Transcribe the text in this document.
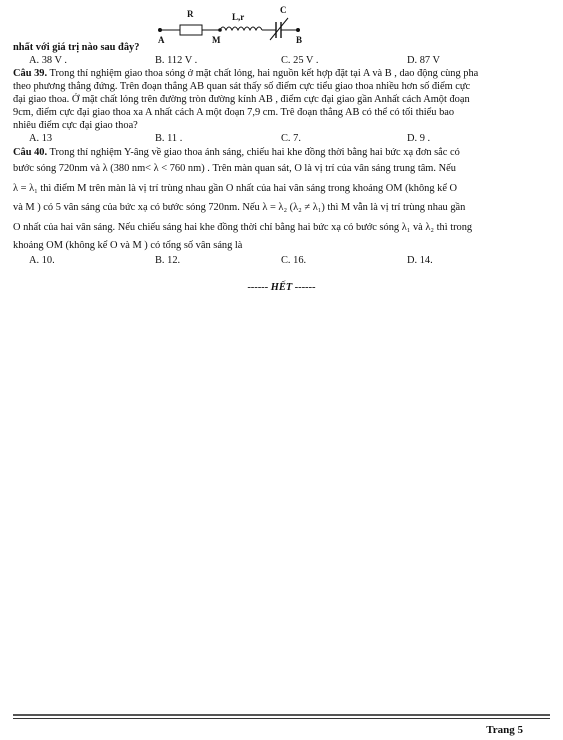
R	L,r
C
A	M	B
nhất với giá trị nào sau đây?
A. 38 V .	B. 112 V .	C. 25 V .	D. 87 V
Câu 39. Trong thí nghiệm giao thoa sóng ở mặt chất lỏng, hai nguồn kết hợp đặt tại A và B , dao động cùng pha
theo phương thẳng đứng. Trên đoạn thẳng AB quan sát thấy số điểm cực tiểu giao thoa nhiều hơn số điểm cực
đại giao thoa. Ở mặt chất lỏng trên đường tròn đường kính AB , điểm cực đại giao gần Anhất cách Amột đoạn
9cm, điểm cực đại giao thoa xa A nhất cách A một đoạn 7,9 cm. Trê đoạn thẳng AB có thể có tối thiểu bao
nhiêu điểm cực đại giao thoa?
A. 13	B. 11 .	C. 7.	D. 9 .
Câu 40. Trong thí nghiệm Y-âng về giao thoa ánh sáng, chiếu hai khe đồng thời bằng hai bức xạ đơn sắc có
bước sóng 720nm và λ (380 nm< λ < 760 nm) . Trên màn quan sát, O là vị trí của vân sáng trung tâm. Nếu
λ = λ₁ thì điểm M trên màn là vị trí trùng nhau gần O nhất của hai vân sáng trong khoảng OM (không kể O
và M ) có 5 vân sáng của bức xạ có bước sóng 720nm. Nếu λ = λ₂ (λ₂ ≠ λ₁) thì M vẫn là vị trí trùng nhau gần
O nhất của hai vân sáng. Nếu chiếu sáng hai khe đồng thời chỉ bằng hai bức xạ có bước sóng λ₁ và λ₂ thì trong
khoảng OM (không kể O và M ) có tổng số vân sáng là
A. 10.	B. 12.	C. 16.	D. 14.
------ HẾT ------
Trang 5
